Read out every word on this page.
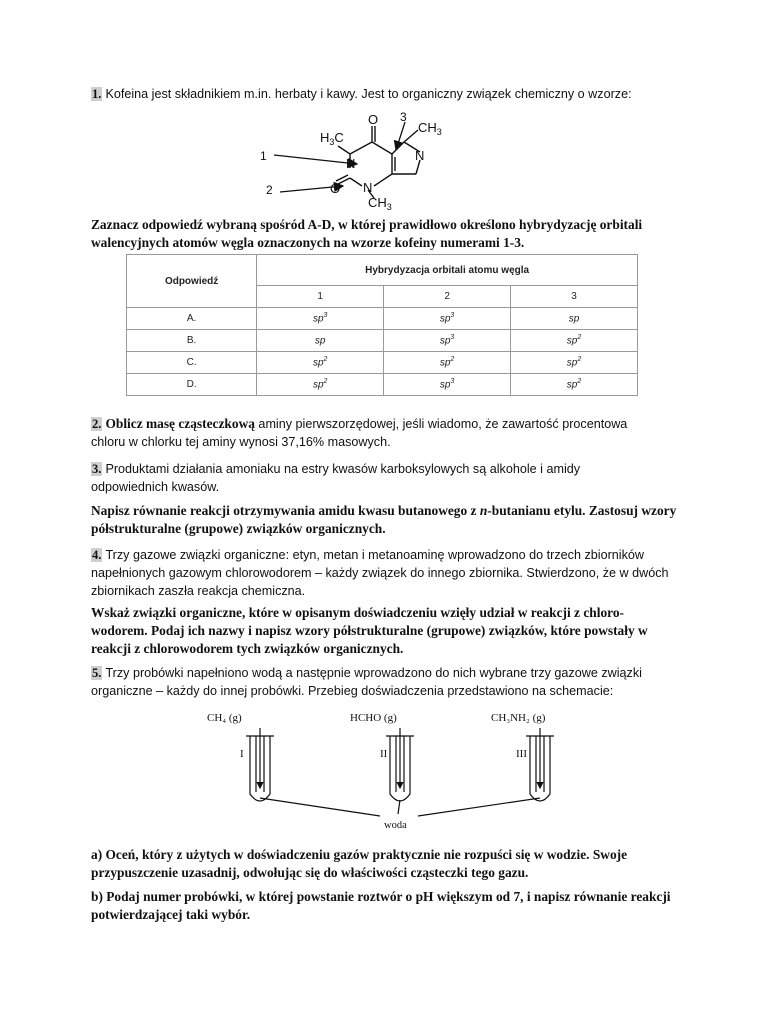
1. Kofeina jest składnikiem m.in. herbaty i kawy. Jest to organiczny związek chemiczny o wzorze:
O
O
N
N
N
$H_3C$
$CH_3$
$CH_3$
1
2
3
Zaznacz odpowiedź wybraną spośród A-D, w której prawidłowo określono hybrydyzację orbitali walencyjnych atomów węgla oznaczonych na wzorze kofeiny numerami 1-3.
Odpowiedź	Hybrydyzacja orbitali atomu węgla		
	1	2	3
A.	$sp^3$	$sp^3$	sp
B.	sp	$sp^3$	$sp^2$
C.	$sp^2$	$sp^2$	$sp^2$
D.	$sp^2$	$sp^3$	$sp^2$
2. Oblicz masę cząsteczkową aminy pierwszorzędowej, jeśli wiadomo, że zawartość procentowa chloru w chlorku tej aminy wynosi 37,16% masowych.
3. Produktami działania amoniaku na estry kwasów karboksylowych są alkohole i amidy odpowiednich kwasów.
Napisz równanie reakcji otrzymywania amidu kwasu butanowego z n-butanianu etylu. Zastosuj wzory półstrukturalne (grupowe) związków organicznych.
4. Trzy gazowe związki organiczne: etyn, metan i metanoaminę wprowadzono do trzech zbiorników napełnionych gazowym chlorowodorem – każdy związek do innego zbiornika. Stwierdzono, że w dwóch zbiornikach zaszła reakcja chemiczna.
Wskaż związki organiczne, które w opisanym doświadczeniu wzięły udział w reakcji z chloro- wodorem. Podaj ich nazwy i napisz wzory półstrukturalne (grupowe) związków, które powstały w reakcji z chlorowodorem tych związków organicznych.
5. Trzy probówki napełniono wodą a następnie wprowadzono do nich wybrane trzy gazowe związki organiczne – każdy do innej probówki. Przebieg doświadczenia przedstawiono na schemacie:
CH₄ (g)	HCHO (g)	CH₃NH₂ (g)
I	II	III
woda
a) Oceń, który z użytych w doświadczeniu gazów praktycznie nie rozpuści się w wodzie. Swoje przypuszczenie uzasadnij, odwołując się do właściwości cząsteczki tego gazu.
b) Podaj numer probówki, w której powstanie roztwór o pH większym od 7, i napisz równanie reakcji potwierdzającej taki wybór.
